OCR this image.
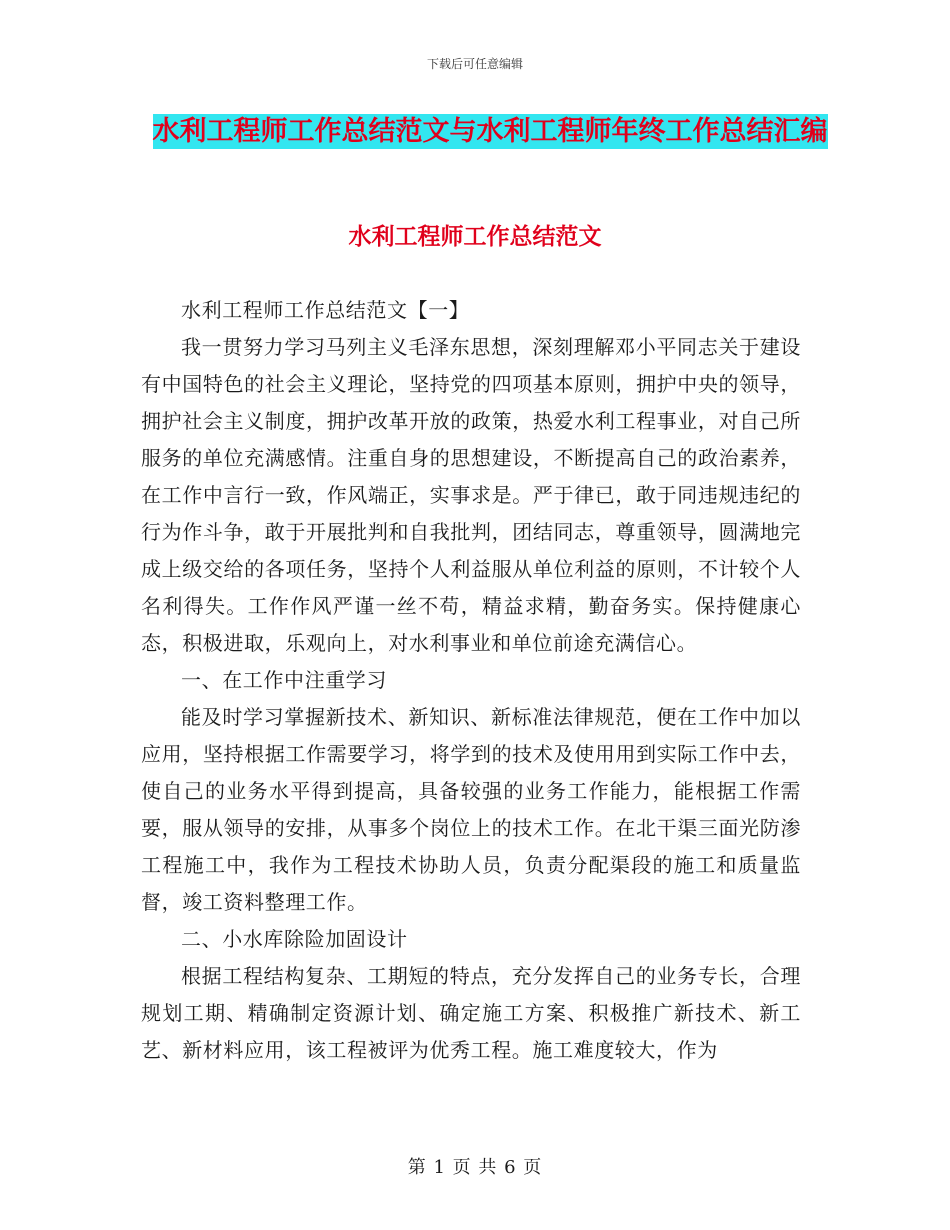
下载后可任意编辑
水利工程师工作总结范文与水利工程师年终工作总结汇编
水利工程师工作总结范文

水利工程师工作总结范文【一】

我一贯努力学习马列主义毛泽东思想，深刻理解邓小平同志关于建设有中国特色的社会主义理论，坚持党的四项基本原则，拥护中央的领导，拥护社会主义制度，拥护改革开放的政策，热爱水利工程事业，对自己所服务的单位充满感情。注重自身的思想建设，不断提高自己的政治素养，在工作中言行一致，作风端正，实事求是。严于律已，敢于同违规违纪的行为作斗争，敢于开展批判和自我批判，团结同志，尊重领导，圆满地完成上级交给的各项任务，坚持个人利益服从单位利益的原则，不计较个人名利得失。工作作风严谨一丝不苟，精益求精，勤奋务实。保持健康心态，积极进取，乐观向上，对水利事业和单位前途充满信心。

一、在工作中注重学习

能及时学习掌握新技术、新知识、新标准法律规范，便在工作中加以应用，坚持根据工作需要学习，将学到的技术及使用用到实际工作中去，使自己的业务水平得到提高，具备较强的业务工作能力，能根据工作需要，服从领导的安排，从事多个岗位上的技术工作。在北干渠三面光防渗工程施工中，我作为工程技术协助人员，负责分配渠段的施工和质量监督，竣工资料整理工作。

二、小水库除险加固设计

根据工程结构复杂、工期短的特点，充分发挥自己的业务专长，合理规划工期、精确制定资源计划、确定施工方案、积极推广新技术、新工艺、新材料应用，该工程被评为优秀工程。施工难度较大，作为

第 1 页 共 6 页
